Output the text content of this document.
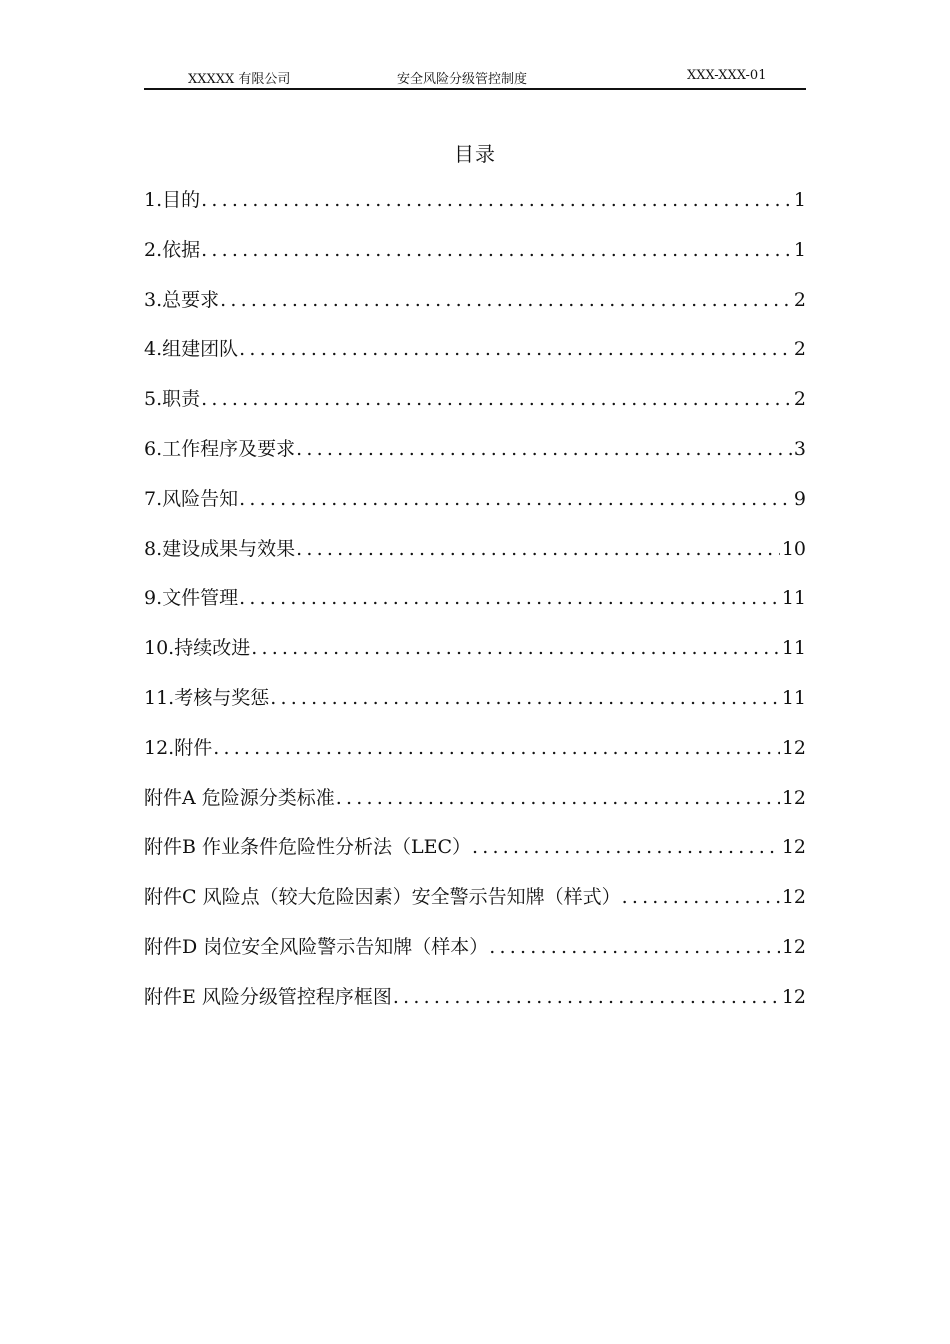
XXXXX 有限公司	安全风险分级管控制度	XXX-XXX-01
目录
1.目的 .....	1
2.依据 .....	1
3.总要求 .....	2
4.组建团队 .....	2
5.职责 .....	2
6.工作程序及要求 .....	3
7.风险告知 .....	9
8.建设成果与效果 .....	10
9.文件管理 .....	11
10.持续改进 .....	11
11.考核与奖惩 .....	11
12.附件 .....	12
附件A 危险源分类标准 .....	12
附件B 作业条件危险性分析法（LEC） .....	12
附件C 风险点（较大危险因素）安全警示告知牌（样式） .....	12
附件D 岗位安全风险警示告知牌（样本） .....	12
附件E 风险分级管控程序框图 .....	12
